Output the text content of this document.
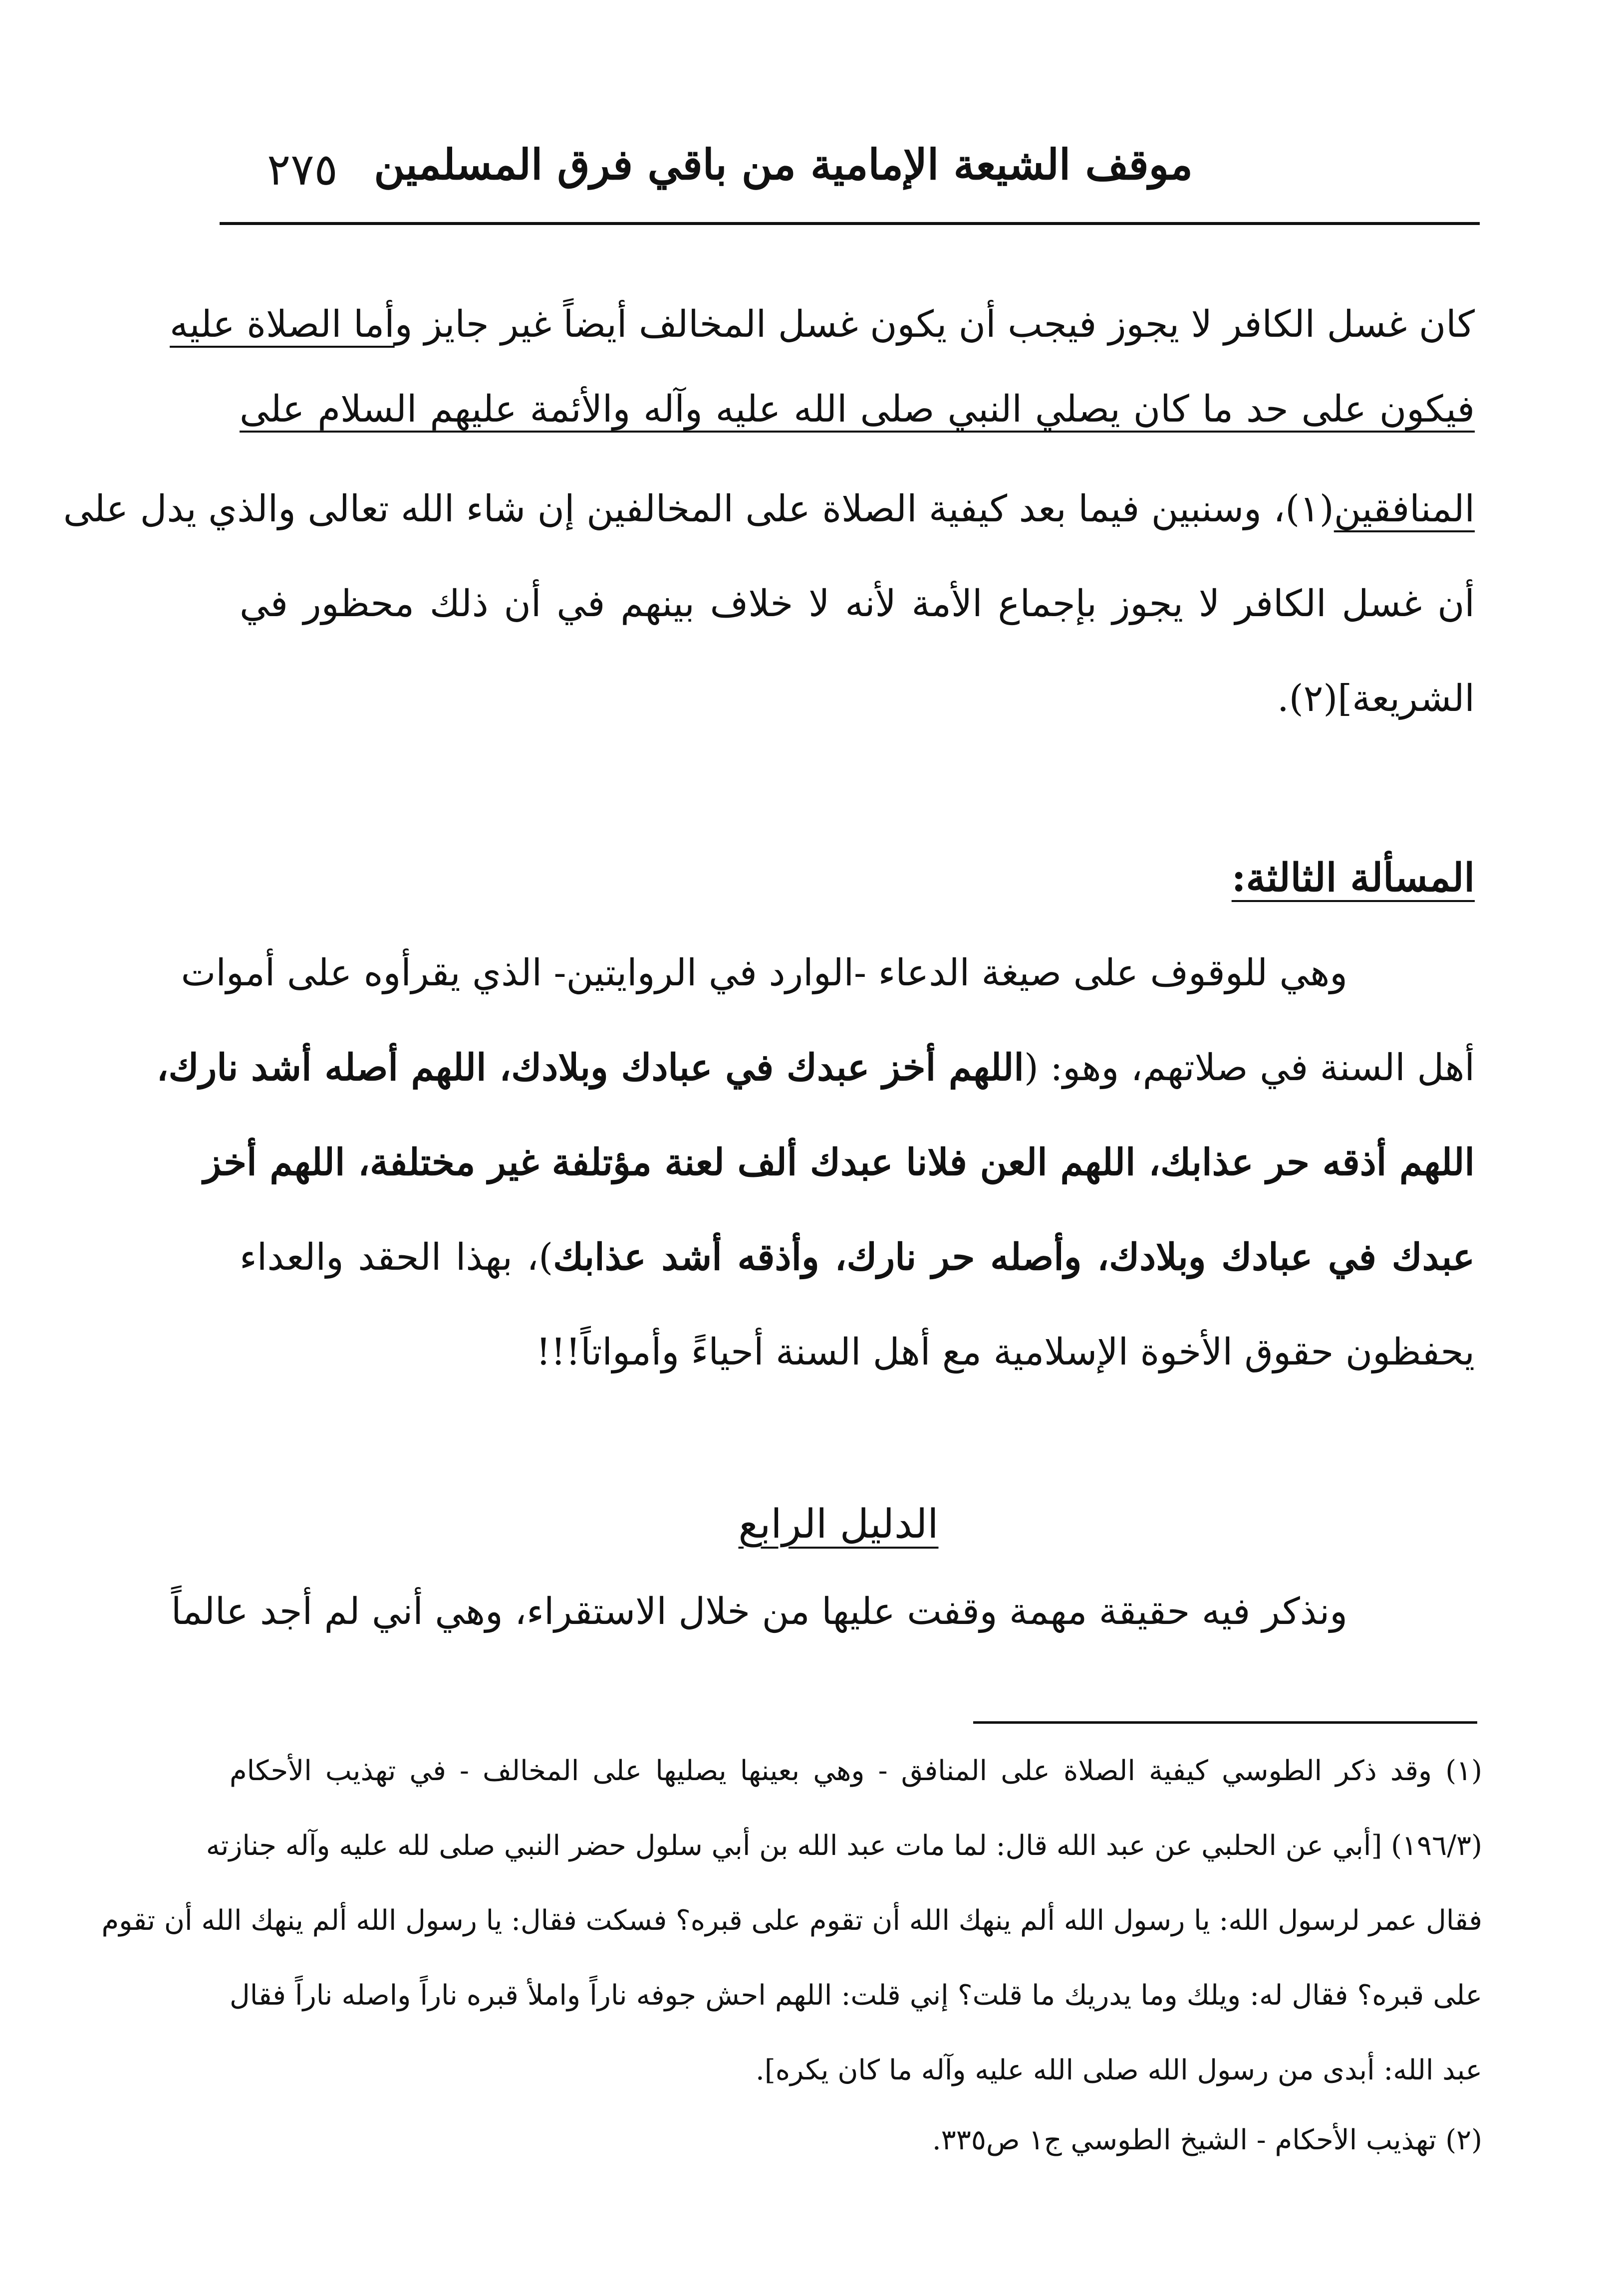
٢٧٥ موقف الشيعة الإمامية من باقي فرق المسلمين
كان غسل الكافر لا يجوز فيجب أن يكون غسل المخالف أيضاً غير جايز وأما الصلاة عليه
فيكون على حد ما كان يصلي النبي صلى الله عليه وآله والأئمة عليهم السلام على
المنافقين(١)، وسنبين فيما بعد كيفية الصلاة على المخالفين إن شاء الله تعالى والذي يدل على
أن غسل الكافر لا يجوز بإجماع الأمة لأنه لا خلاف بينهم في أن ذلك محظور في
الشريعة](٢).
المسألة الثالثة:
وهي للوقوف على صيغة الدعاء -الوارد في الروايتين- الذي يقرأوه على أموات
أهل السنة في صلاتهم، وهو: (اللهم أخز عبدك في عبادك وبلادك، اللهم أصله أشد نارك،
اللهم أذقه حر عذابك، اللهم العن فلانا عبدك ألف لعنة مؤتلفة غير مختلفة، اللهم أخز
عبدك في عبادك وبلادك، وأصله حر نارك، وأذقه أشد عذابك)، بهذا الحقد والعداء
يحفظون حقوق الأخوة الإسلامية مع أهل السنة أحياءً وأمواتاً!!!
الدليل الرابع
ونذكر فيه حقيقة مهمة وقفت عليها من خلال الاستقراء، وهي أني لم أجد عالماً
(١) وقد ذكر الطوسي كيفية الصلاة على المنافق - وهي بعينها يصليها على المخالف - في تهذيب الأحكام
(١٩٦/٣) [أبي عن الحلبي عن عبد الله قال: لما مات عبد الله بن أبي سلول حضر النبي صلى لله عليه وآله جنازته
فقال عمر لرسول الله: يا رسول الله ألم ينهك الله أن تقوم على قبره؟ فسكت فقال: يا رسول الله ألم ينهك الله أن تقوم
على قبره؟ فقال له: ويلك وما يدريك ما قلت؟ إني قلت: اللهم احش جوفه ناراً واملأ قبره ناراً واصله ناراً فقال
عبد الله: أبدى من رسول الله صلى الله عليه وآله ما كان يكره].
(٢) تهذيب الأحكام - الشيخ الطوسي ج١ ص٣٣٥.
